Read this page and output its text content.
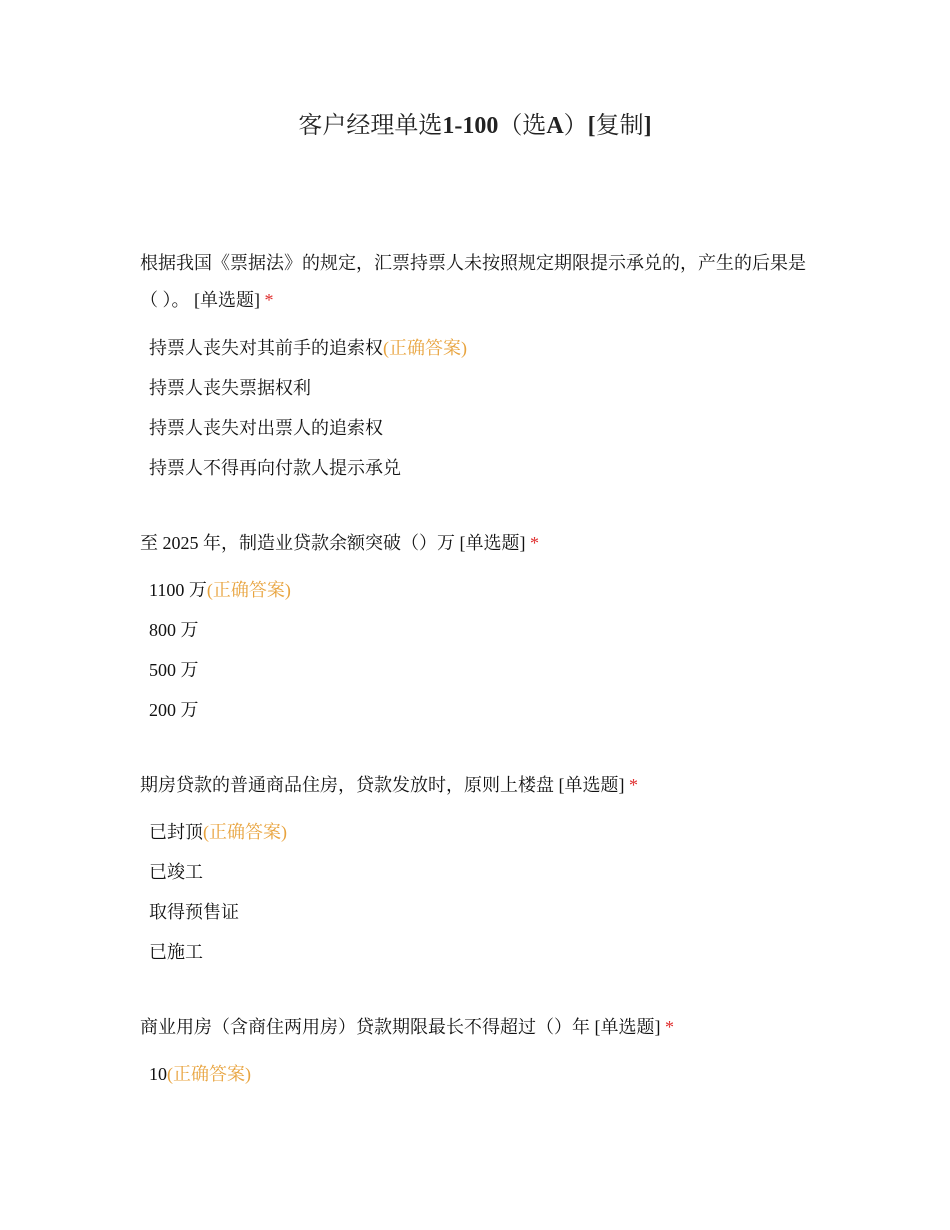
客户经理单选1-100（选A）[复制]
根据我国《票据法》的规定，汇票持票人未按照规定期限提示承兑的，产生的后果是（ ）。 [单选题] *
持票人丧失对其前手的追索权(正确答案)
持票人丧失票据权利
持票人丧失对出票人的追索权
持票人不得再向付款人提示承兑
至 2025 年，制造业贷款余额突破（）万 [单选题] *
1100 万(正确答案)
800 万
500 万
200 万
期房贷款的普通商品住房，贷款发放时，原则上楼盘 [单选题] *
已封顶(正确答案)
已竣工
取得预售证
已施工
商业用房（含商住两用房）贷款期限最长不得超过（）年 [单选题] *
10(正确答案)
